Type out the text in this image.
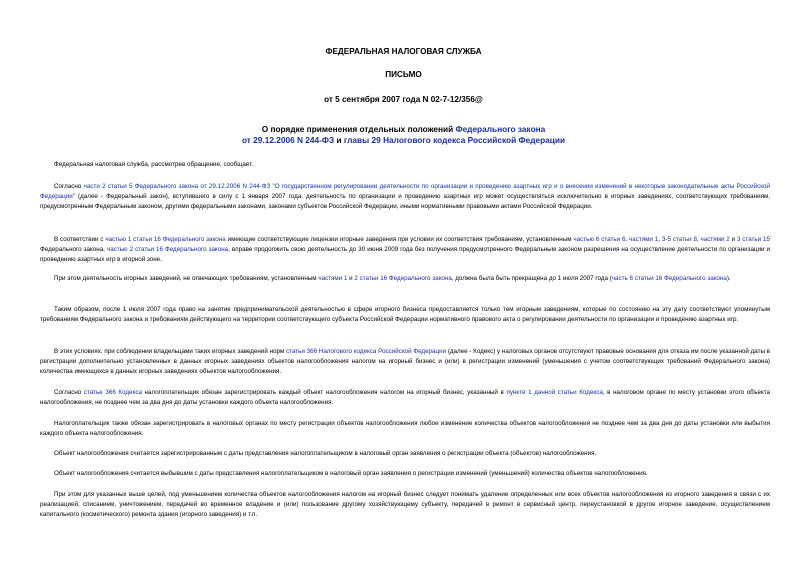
ФЕДЕРАЛЬНАЯ НАЛОГОВАЯ СЛУЖБА
ПИСЬМО
от 5 сентября 2007 года N 02-7-12/356@
О порядке применения отдельных положений Федерального закона
от 29.12.2006 N 244-ФЗ и главы 29 Налогового кодекса Российской Федерации

Федеральная налоговая служба, рассмотрев обращение, сообщает.

Согласно части 2 статьи 5 Федерального закона от 29.12.2006 N 244-ФЗ "О государственном регулировании деятельности по организации и проведению азартных игр и о внесении изменений в некоторые законодательные акты Российской Федерации" (далее - Федеральный закон), вступившего в силу с 1 января 2007 года, деятельность по организации и проведению азартных игр может осуществляться исключительно в игорных заведениях, соответствующих требованиям, предусмотренным Федеральным законом, другими федеральными законами, законами субъектов Российской Федерации, иными нормативными правовыми актами Российской Федерации.

В соответствии с частью 1 статьи 16 Федерального закона имеющие соответствующие лицензии игорные заведения при условии их соответствия требованиям, установленным частью 6 статьи 6, частями 1, 3-5 статьи 8, частями 2 и 3 статьи 15 Федерального закона, частью 2 статьи 16 Федерального закона, вправе продолжить свою деятельность до 30 июня 2009 года без получения предусмотренного Федеральным законом разрешения на осуществление деятельности по организации и проведению азартных игр в игорной зоне.

При этом деятельность игорных заведений, не отвечающих требованиям, установленным частями 1 и 2 статьи 16 Федерального закона, должна была быть прекращена до 1 июля 2007 года (часть 6 статьи 16 Федерального закона).

Таким образом, после 1 июля 2007 года право на занятие предпринимательской деятельностью в сфере игорного бизнеса предоставляется только тем игорным заведениям, которые по состоянию на эту дату соответствуют упомянутым требованиям Федерального закона и требованиям действующего на территории соответствующего субъекта Российской Федерации нормативного правового акта о регулировании деятельности по организации и проведению азартных игр.

В этих условиях, при соблюдении владельцами таких игорных заведений норм статьи 366 Налогового кодекса Российской Федерации (далее - Кодекс) у налоговых органов отсутствуют правовые основания для отказа им после указанной даты в регистрации дополнительно установленных в данных игорных заведениях объектов налогообложения налогом на игорный бизнес и (или) в регистрации изменений (уменьшения с учетом соответствующих требований Федерального закона) количества имеющихся в данных игорных заведениях объектов налогообложения.

Согласно статье 366 Кодекса налогоплательщик обязан зарегистрировать каждый объект налогообложения налогом на игорный бизнес, указанный в пункте 1 данной статьи Кодекса, в налоговом органе по месту установки этого объекта налогообложения, не позднее чем за два дня до даты установки каждого объекта налогообложения.

Налогоплательщик также обязан зарегистрировать в налоговых органах по месту регистрации объектов налогообложения любое изменение количества объектов налогообложения не позднее чем за два дня до даты установки или выбытия каждого объекта налогообложения.

Объект налогообложения считается зарегистрированным с даты представления налогоплательщиком в налоговый орган заявления о регистрации объекта (объектов) налогообложения.

Объект налогообложения считается выбывшим с даты представления налогоплательщиком в налоговый орган заявления о регистрации изменений (уменьшений) количества объектов налогообложения.

При этом для указанных выше целей, под уменьшением количества объектов налогообложения налогом на игорный бизнес следует понимать удаление определенных или всех объектов налогообложения из игорного заведения в связи с их реализацией, списанием, уничтожением, передачей во временное владение и (или) пользование другому хозяйствующему субъекту, передачей в ремонт в сервисный центр, переустановкой в другое игорное заведение, осуществлением капитального (косметического) ремонта здания (игорного заведения) и т.п.
